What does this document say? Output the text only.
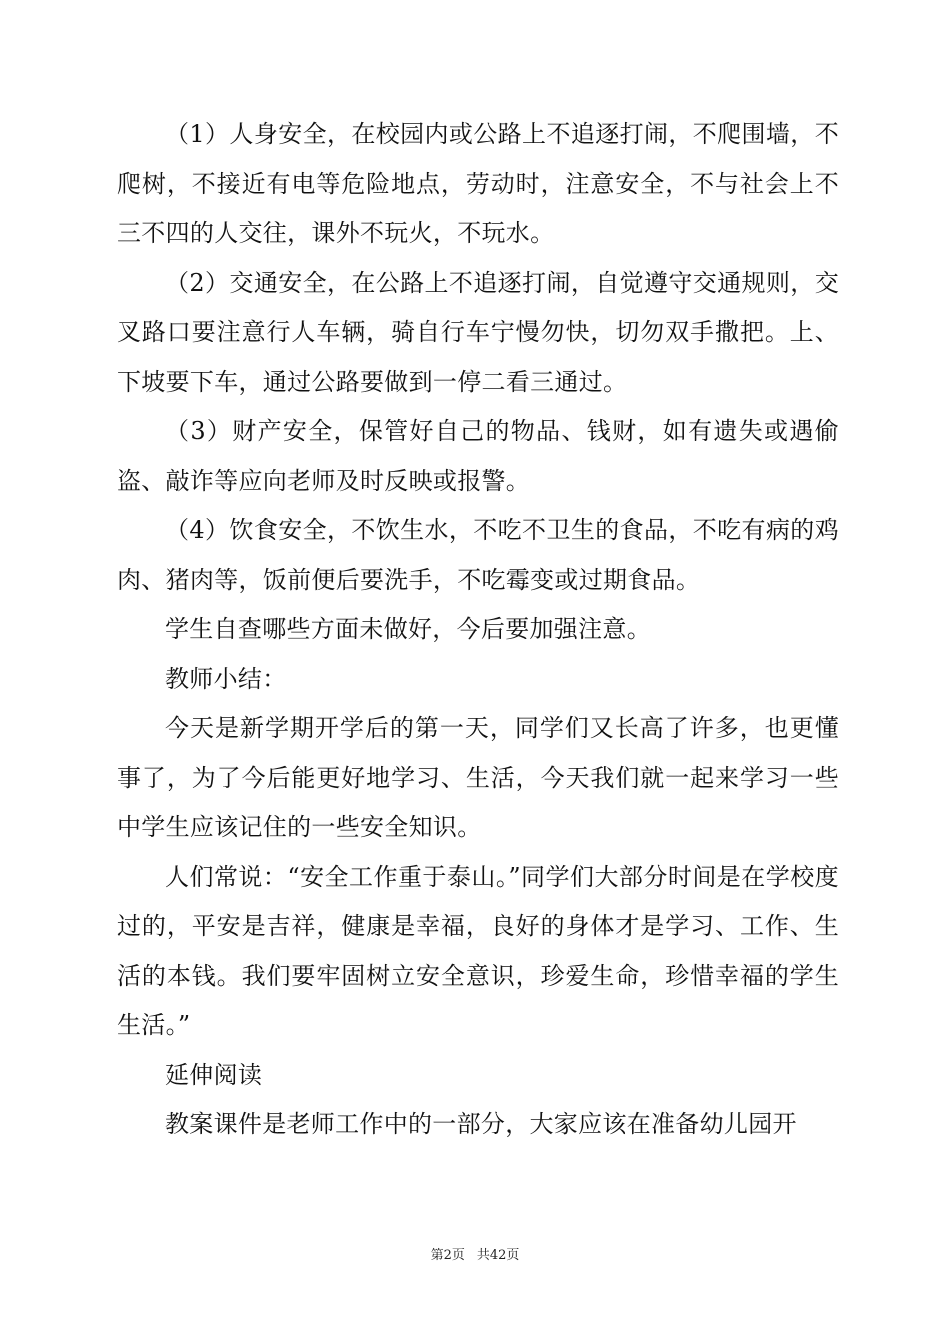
（1）人身安全，在校园内或公路上不追逐打闹，不爬围墙，不爬树，不接近有电等危险地点，劳动时，注意安全，不与社会上不三不四的人交往，课外不玩火，不玩水。

（2）交通安全，在公路上不追逐打闹，自觉遵守交通规则，交叉路口要注意行人车辆，骑自行车宁慢勿快，切勿双手撒把。上、下坡要下车，通过公路要做到一停二看三通过。

（3）财产安全，保管好自己的物品、钱财，如有遗失或遇偷盗、敲诈等应向老师及时反映或报警。

（4）饮食安全，不饮生水，不吃不卫生的食品，不吃有病的鸡肉、猪肉等，饭前便后要洗手，不吃霉变或过期食品。

学生自查哪些方面未做好，今后要加强注意。

教师小结：

今天是新学期开学后的第一天，同学们又长高了许多，也更懂事了，为了今后能更好地学习、生活，今天我们就一起来学习一些中学生应该记住的一些安全知识。

人们常说：“安全工作重于泰山。”同学们大部分时间是在学校度过的，平安是吉祥，健康是幸福，良好的身体才是学习、工作、生活的本钱。我们要牢固树立安全意识，珍爱生命，珍惜幸福的学生生活。”

延伸阅读

教案课件是老师工作中的一部分，大家应该在准备幼儿园开

第2页 共42页
